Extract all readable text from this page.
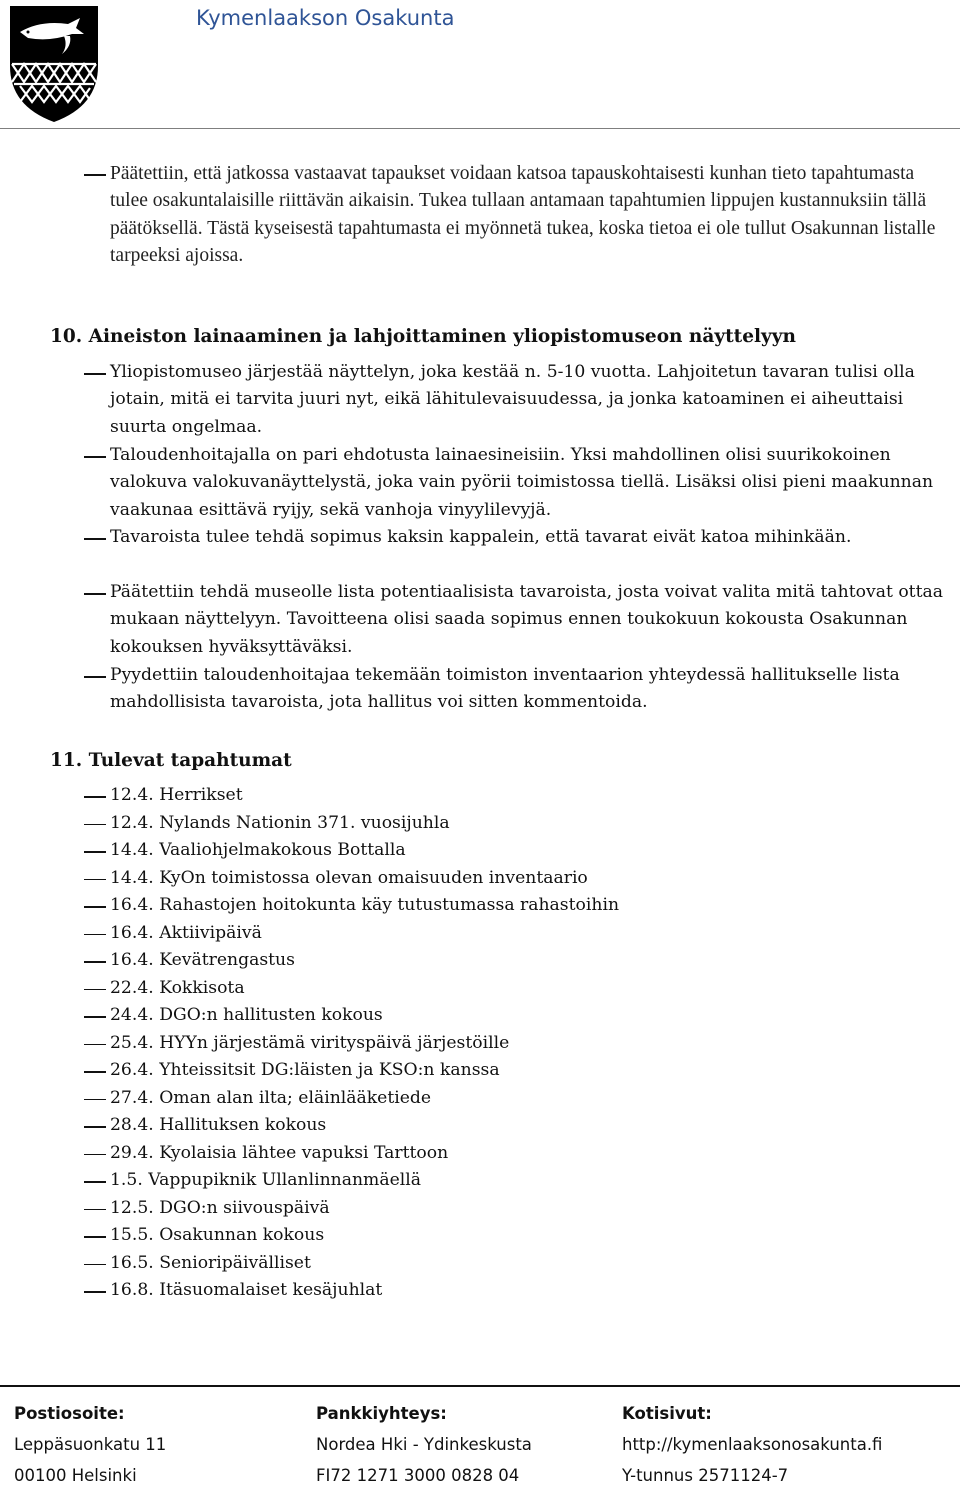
Kymenlaakson Osakunta
Päätettiin, että jatkossa vastaavat tapaukset voidaan katsoa tapauskohtaisesti kunhan tieto tapahtumasta tulee osakuntalaisille riittävän aikaisin. Tukea tullaan antamaan tapahtumien lippujen kustannuksiin tällä päätöksellä. Tästä kyseisestä tapahtumasta ei myönnetä tukea, koska tietoa ei ole tullut Osakunnan listalle tarpeeksi ajoissa.
10. Aineiston lainaaminen ja lahjoittaminen yliopistomuseon näyttelyyn
Yliopistomuseo järjestää näyttelyn, joka kestää n. 5-10 vuotta. Lahjoitetun tavaran tulisi olla jotain, mitä ei tarvita juuri nyt, eikä lähitulevaisuudessa, ja jonka katoaminen ei aiheuttaisi suurta ongelmaa.
Taloudenhoitajalla on pari ehdotusta lainaesineisiin. Yksi mahdollinen olisi suurikokoinen valokuva valokuvanäyttelystä, joka vain pyörii toimistossa tiellä. Lisäksi olisi pieni maakunnan vaakunaa esittävä ryijy, sekä vanhoja vinyylilevyjä.
Tavaroista tulee tehdä sopimus kaksin kappalein, että tavarat eivät katoa mihinkään.
Päätettiin tehdä museolle lista potentiaalisista tavaroista, josta voivat valita mitä tahtovat ottaa mukaan näyttelyyn. Tavoitteena olisi saada sopimus ennen toukokuun kokousta Osakunnan kokouksen hyväksyttäväksi.
Pyydettiin taloudenhoitajaa tekemään toimiston inventaarion yhteydessä hallitukselle lista mahdollisista tavaroista, jota hallitus voi sitten kommentoida.
11. Tulevat tapahtumat
12.4. Herrikset
12.4. Nylands Nationin 371. vuosijuhla
14.4. Vaaliohjelmakokous Bottalla
14.4. KyOn toimistossa olevan omaisuuden inventaario
16.4. Rahastojen hoitokunta käy tutustumassa rahastoihin
16.4. Aktiivipäivä
16.4. Kevätrengastus
22.4. Kokkisota
24.4. DGO:n hallitusten kokous
25.4. HYYn järjestämä virityspäivä järjestöille
26.4. Yhteissitsit DG:läisten ja KSO:n kanssa
27.4. Oman alan ilta; eläinlääketiede
28.4. Hallituksen kokous
29.4. Kyolaisia lähtee vapuksi Tarttoon
1.5. Vappupiknik Ullanlinnanmäellä
12.5. DGO:n siivouspäivä
15.5. Osakunnan kokous
16.5. Senioripäivälliset
16.8. Itäsuomalaiset kesäjuhlat
Postiosoite:
Leppäsuonkatu 11
00100 Helsinki
Pankkiyhteys:
Nordea Hki - Ydinkeskusta
FI72 1271 3000 0828 04
Kotisivut:
http://kymenlaaksonosakunta.fi
Y-tunnus 2571124-7
